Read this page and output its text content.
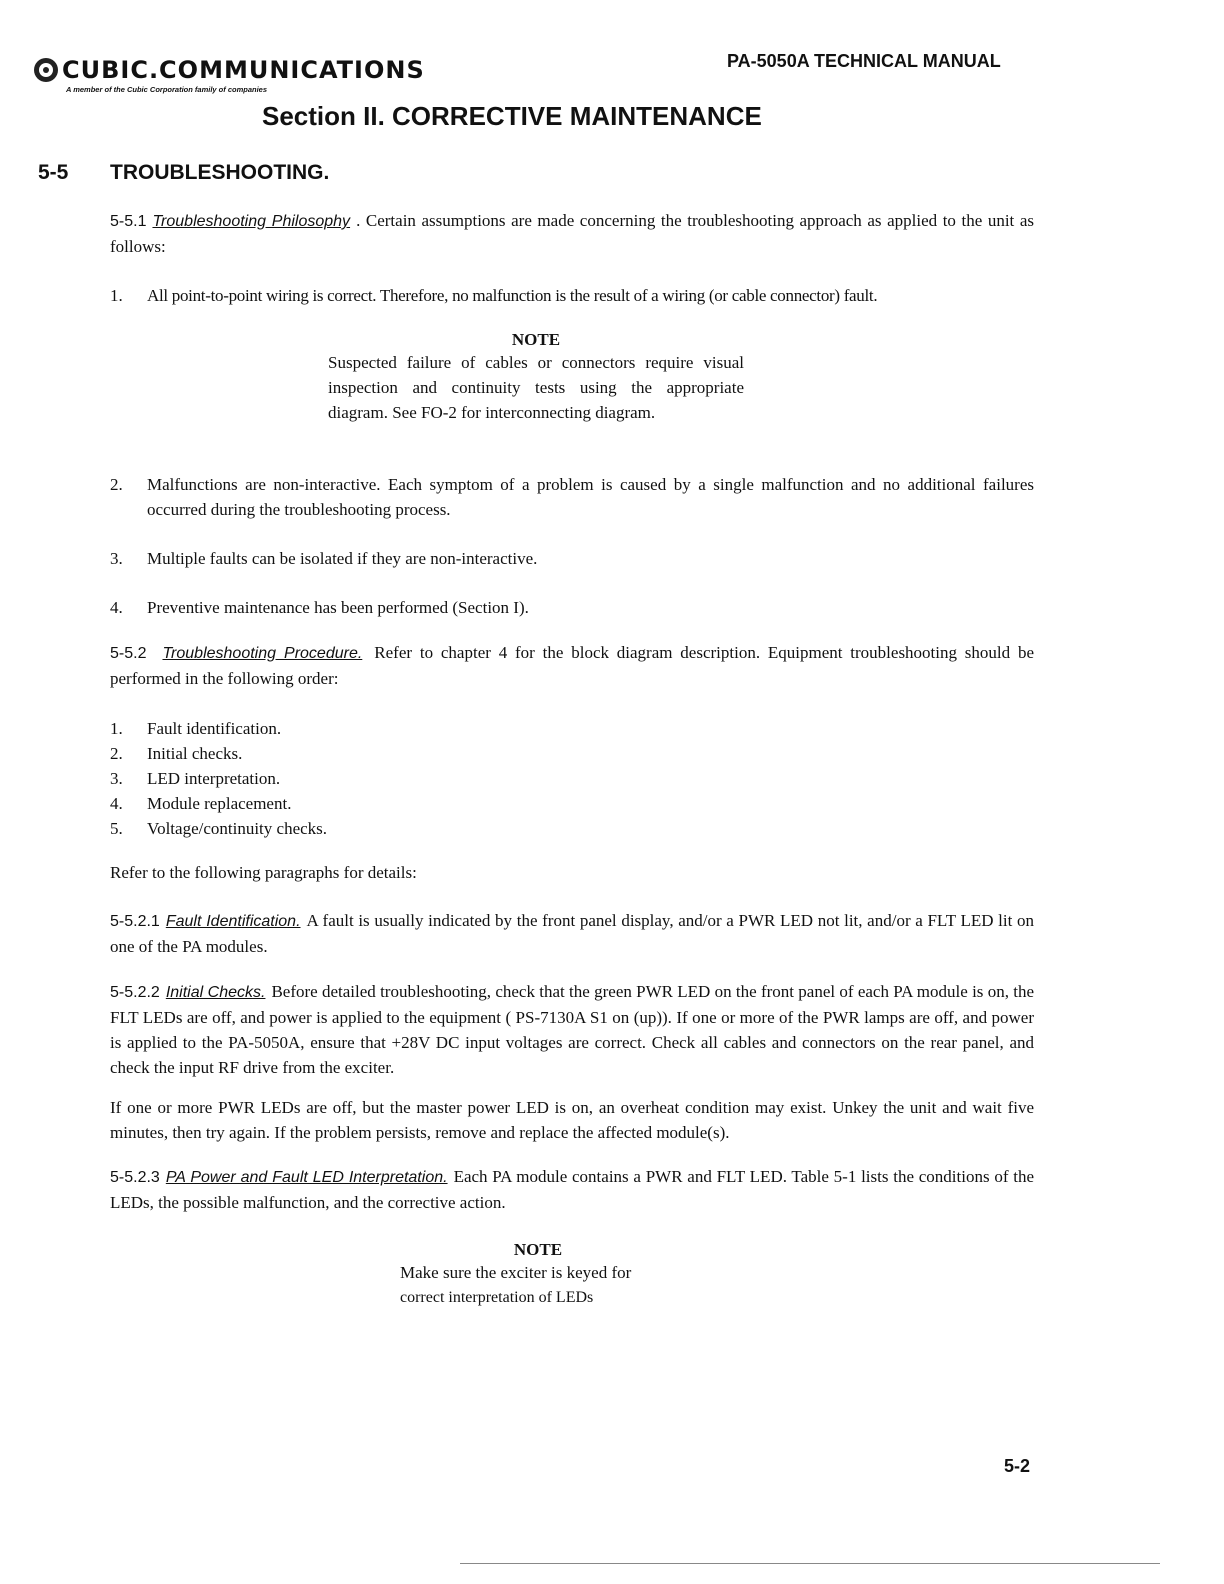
CUBIC.COMMUNICATIONS
A member of the Cubic Corporation family of companies
PA-5050A TECHNICAL MANUAL
Section II. CORRECTIVE MAINTENANCE
5-5 TROUBLESHOOTING.
5-5.1 Troubleshooting Philosophy . Certain assumptions are made concerning the troubleshooting approach as applied to the unit as follows:
1.	All point-to-point wiring is correct. Therefore, no malfunction is the result of a wiring (or cable connector) fault.
NOTE
Suspected failure of cables or connectors require visual inspection and continuity tests using the appropriate diagram. See FO-2 for interconnecting diagram.
2.	Malfunctions are non-interactive. Each symptom of a problem is caused by a single malfunction and no additional failures occurred during the troubleshooting process.
3.	Multiple faults can be isolated if they are non-interactive.
4.	Preventive maintenance has been performed (Section I).
5-5.2 Troubleshooting Procedure. Refer to chapter 4 for the block diagram description. Equipment troubleshooting should be performed in the following order:
1.	Fault identification.
2.	Initial checks.
3.	LED interpretation.
4.	Module replacement.
5.	Voltage/continuity checks.
Refer to the following paragraphs for details:
5-5.2.1 Fault Identification. A fault is usually indicated by the front panel display, and/or a PWR LED not lit, and/or a FLT LED lit on one of the PA modules.
5-5.2.2 Initial Checks. Before detailed troubleshooting, check that the green PWR LED on the front panel of each PA module is on, the FLT LEDs are off, and power is applied to the equipment ( PS-7130A S1 on (up)). If one or more of the PWR lamps are off, and power is applied to the PA-5050A, ensure that +28V DC input voltages are correct. Check all cables and connectors on the rear panel, and check the input RF drive from the exciter.
If one or more PWR LEDs are off, but the master power LED is on, an overheat condition may exist. Unkey the unit and wait five minutes, then try again. If the problem persists, remove and replace the affected module(s).
5-5.2.3 PA Power and Fault LED Interpretation. Each PA module contains a PWR and FLT LED. Table 5-1 lists the conditions of the LEDs, the possible malfunction, and the corrective action.
NOTE
Make sure the exciter is keyed for
correct interpretation of LEDs
5-2
